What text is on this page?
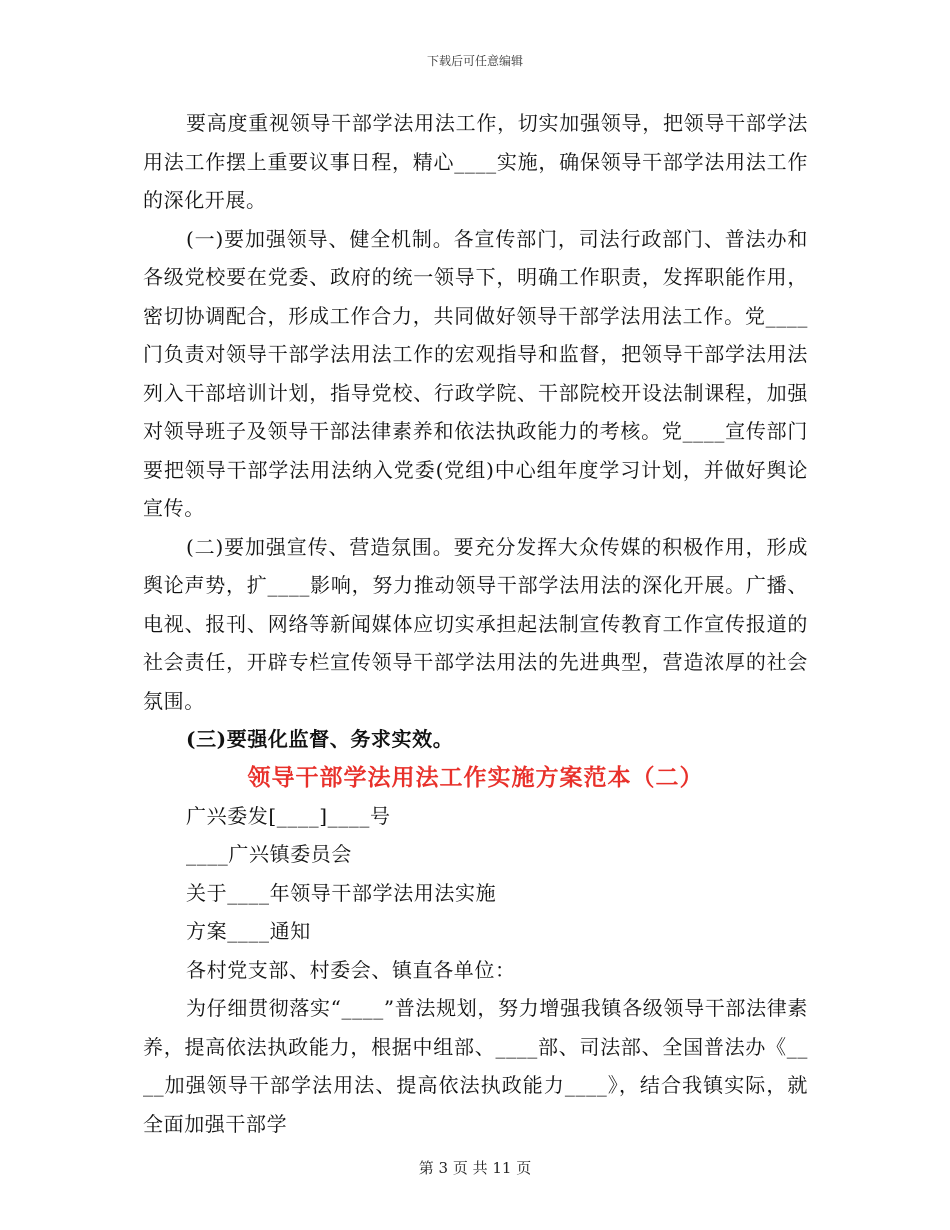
下载后可任意编辑

要高度重视领导干部学法用法工作，切实加强领导，把领导干部学法用法工作摆上重要议事日程，精心____实施，确保领导干部学法用法工作的深化开展。

(一)要加强领导、健全机制。各宣传部门，司法行政部门、普法办和各级党校要在党委、政府的统一领导下，明确工作职责，发挥职能作用，密切协调配合，形成工作合力，共同做好领导干部学法用法工作。党____门负责对领导干部学法用法工作的宏观指导和监督，把领导干部学法用法列入干部培训计划，指导党校、行政学院、干部院校开设法制课程，加强对领导班子及领导干部法律素养和依法执政能力的考核。党____宣传部门要把领导干部学法用法纳入党委(党组)中心组年度学习计划，并做好舆论宣传。

(二)要加强宣传、营造氛围。要充分发挥大众传媒的积极作用，形成舆论声势，扩____影响，努力推动领导干部学法用法的深化开展。广播、电视、报刊、网络等新闻媒体应切实承担起法制宣传教育工作宣传报道的社会责任，开辟专栏宣传领导干部学法用法的先进典型，营造浓厚的社会氛围。

(三)要强化监督、务求实效。

领导干部学法用法工作实施方案范本（二）

广兴委发[____]____号

____广兴镇委员会

关于____年领导干部学法用法实施

方案____通知

各村党支部、村委会、镇直各单位：

为仔细贯彻落实“____”普法规划，努力增强我镇各级领导干部法律素养，提高依法执政能力，根据中组部、____部、司法部、全国普法办《____加强领导干部学法用法、提高依法执政能力____》，结合我镇实际，就全面加强干部学

第 3 页 共 11 页
